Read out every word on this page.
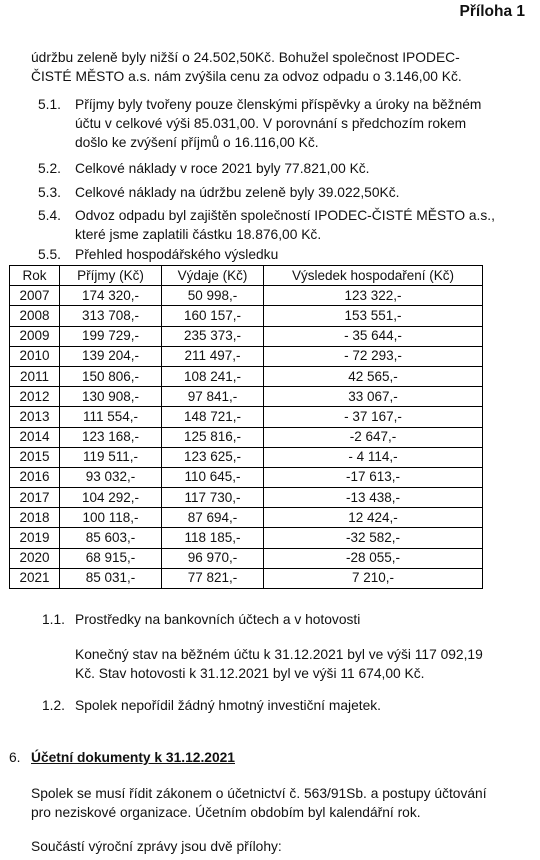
Příloha 1
údržbu zeleně byly nižší o 24.502,50Kč. Bohužel společnost IPODEC-
ČISTÉ MĚSTO a.s. nám zvýšila cenu za odvoz odpadu o 3.146,00 Kč.
5.1.	Příjmy byly tvořeny pouze členskými příspěvky a úroky na běžném
účtu v celkové výši 85.031,00. V porovnání s předchozím rokem
došlo ke zvýšení příjmů o 16.116,00 Kč.
5.2.	Celkové náklady v roce 2021 byly 77.821,00 Kč.
5.3.	Celkové náklady na údržbu zeleně byly 39.022,50Kč.
5.4.	Odvoz odpadu byl zajištěn společností IPODEC-ČISTÉ MĚSTO a.s.,
které jsme zaplatili částku 18.876,00 Kč.
5.5.	Přehled hospodářského výsledku
Rok	Příjmy (Kč)	Výdaje (Kč)	Výsledek hospodaření (Kč)
2007	174 320,-	50 998,-	123 322,-
2008	313 708,-	160 157,-	153 551,-
2009	199 729,-	235 373,-	- 35 644,-
2010	139 204,-	211 497,-	- 72 293,-
2011	150 806,-	108 241,-	42 565,-
2012	130 908,-	97 841,-	33 067,-
2013	111 554,-	148 721,-	- 37 167,-
2014	123 168,-	125 816,-	-2 647,-
2015	119 511,-	123 625,-	- 4 114,-
2016	93 032,-	110 645,-	-17 613,-
2017	104 292,-	117 730,-	-13 438,-
2018	100 118,-	87 694,-	12 424,-
2019	85 603,-	118 185,-	-32 582,-
2020	68 915,-	96 970,-	-28 055,-
2021	85 031,-	77 821,-	7 210,-
1.1. Prostředky na bankovních účtech a v hotovosti
Konečný stav na běžném účtu k 31.12.2021 byl ve výši 117 092,19
Kč. Stav hotovosti k 31.12.2021 byl ve výši 11 674,00 Kč.
1.2. Spolek nepořídil žádný hmotný investiční majetek.
6. Účetní dokumenty k 31.12.2021
Spolek se musí řídit zákonem o účetnictví č. 563/91Sb. a postupy účtování
pro neziskové organizace. Účetním obdobím byl kalendářní rok.
Součástí výroční zprávy jsou dvě přílohy:
